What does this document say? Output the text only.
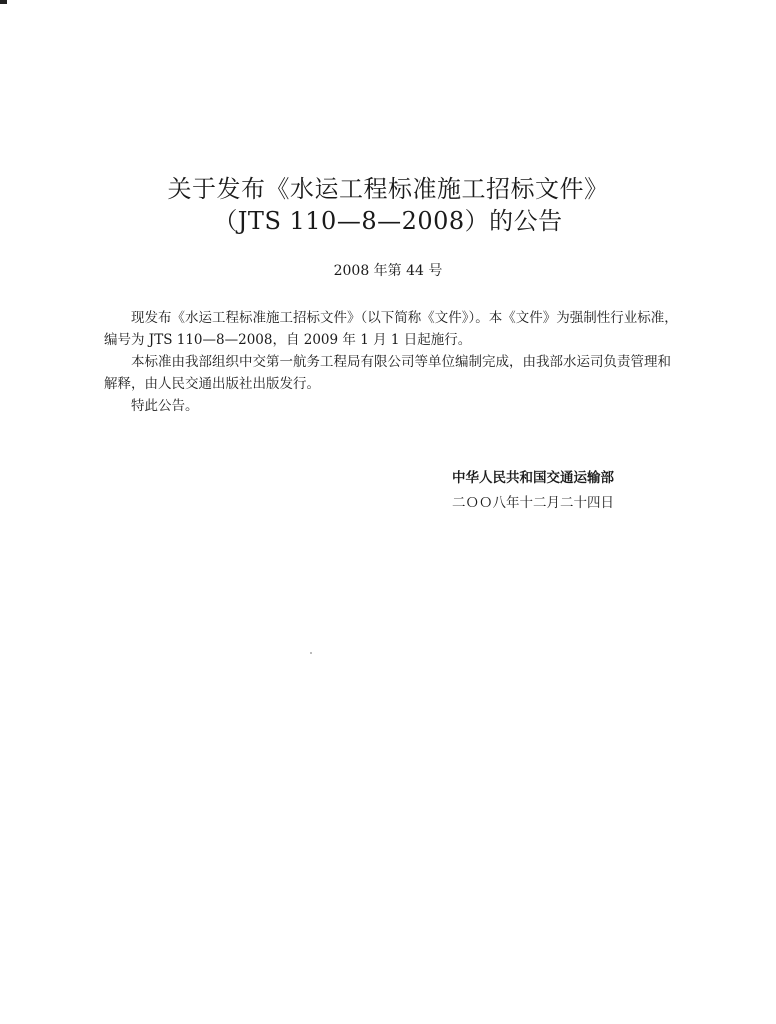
关于发布《水运工程标准施工招标文件》
（JTS 110—8—2008）的公告
2008 年第 44 号

现发布《水运工程标准施工招标文件》（以下简称《文件》）。本《文件》为强制性行业标准，编号为 JTS 110—8—2008，自 2009 年 1 月 1 日起施行。

本标准由我部组织中交第一航务工程局有限公司等单位编制完成，由我部水运司负责管理和解释，由人民交通出版社出版发行。

特此公告。

中华人民共和国交通运输部
二ＯＯ八年十二月二十四日
